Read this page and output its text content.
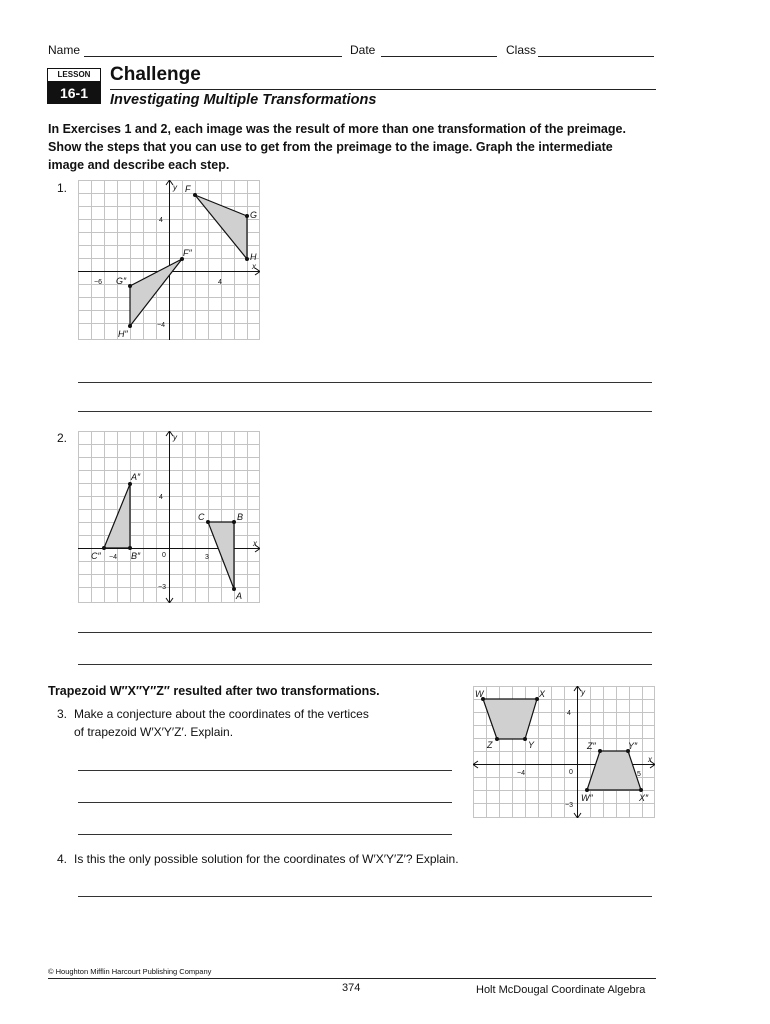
Name	Date	Class
LESSON
16-1
Challenge
Investigating Multiple Transformations
In Exercises 1 and 2, each image was the result of more than one transformation of the preimage. Show the steps that you can use to get from the preimage to the image. Graph the intermediate image and describe each step.
1.	y
x
4
4
−6
−4
F
G
H
F″
G″
H″
2.	y
x
4
−4	0	3
−3
C	B
A
A″
C″	B″
Trapezoid W″X″Y″Z″ resulted after two transformations.
3. Make a conjecture about the coordinates of the vertices
of trapezoid W′X′Y′Z′. Explain.
y
x
4
−4	0	5
−3
W	X
Y
Z	Z″	Y″
X″
W″
4. Is this the only possible solution for the coordinates of W′X′Y′Z′? Explain.
© Houghton Mifflin Harcourt Publishing Company
374	Holt McDougal Coordinate Algebra
